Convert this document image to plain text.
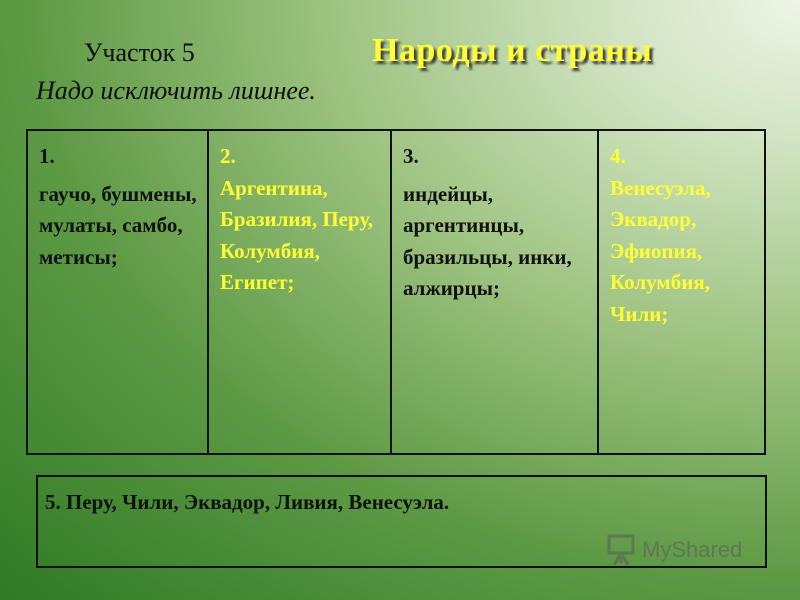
Участок 5	Народы и страны
Надо исключить лишнее.
1.
гаучо, бушмены, мулаты, самбо, метисы;
2.
Аргентина, Бразилия, Перу, Колумбия, Египет;
3.
индейцы, аргентинцы, бразильцы, инки, алжирцы;
4.
Венесуэла, Эквадор, Эфиопия, Колумбия, Чили;
5. Перу, Чили, Эквадор, Ливия, Венесуэла.
MyShared
